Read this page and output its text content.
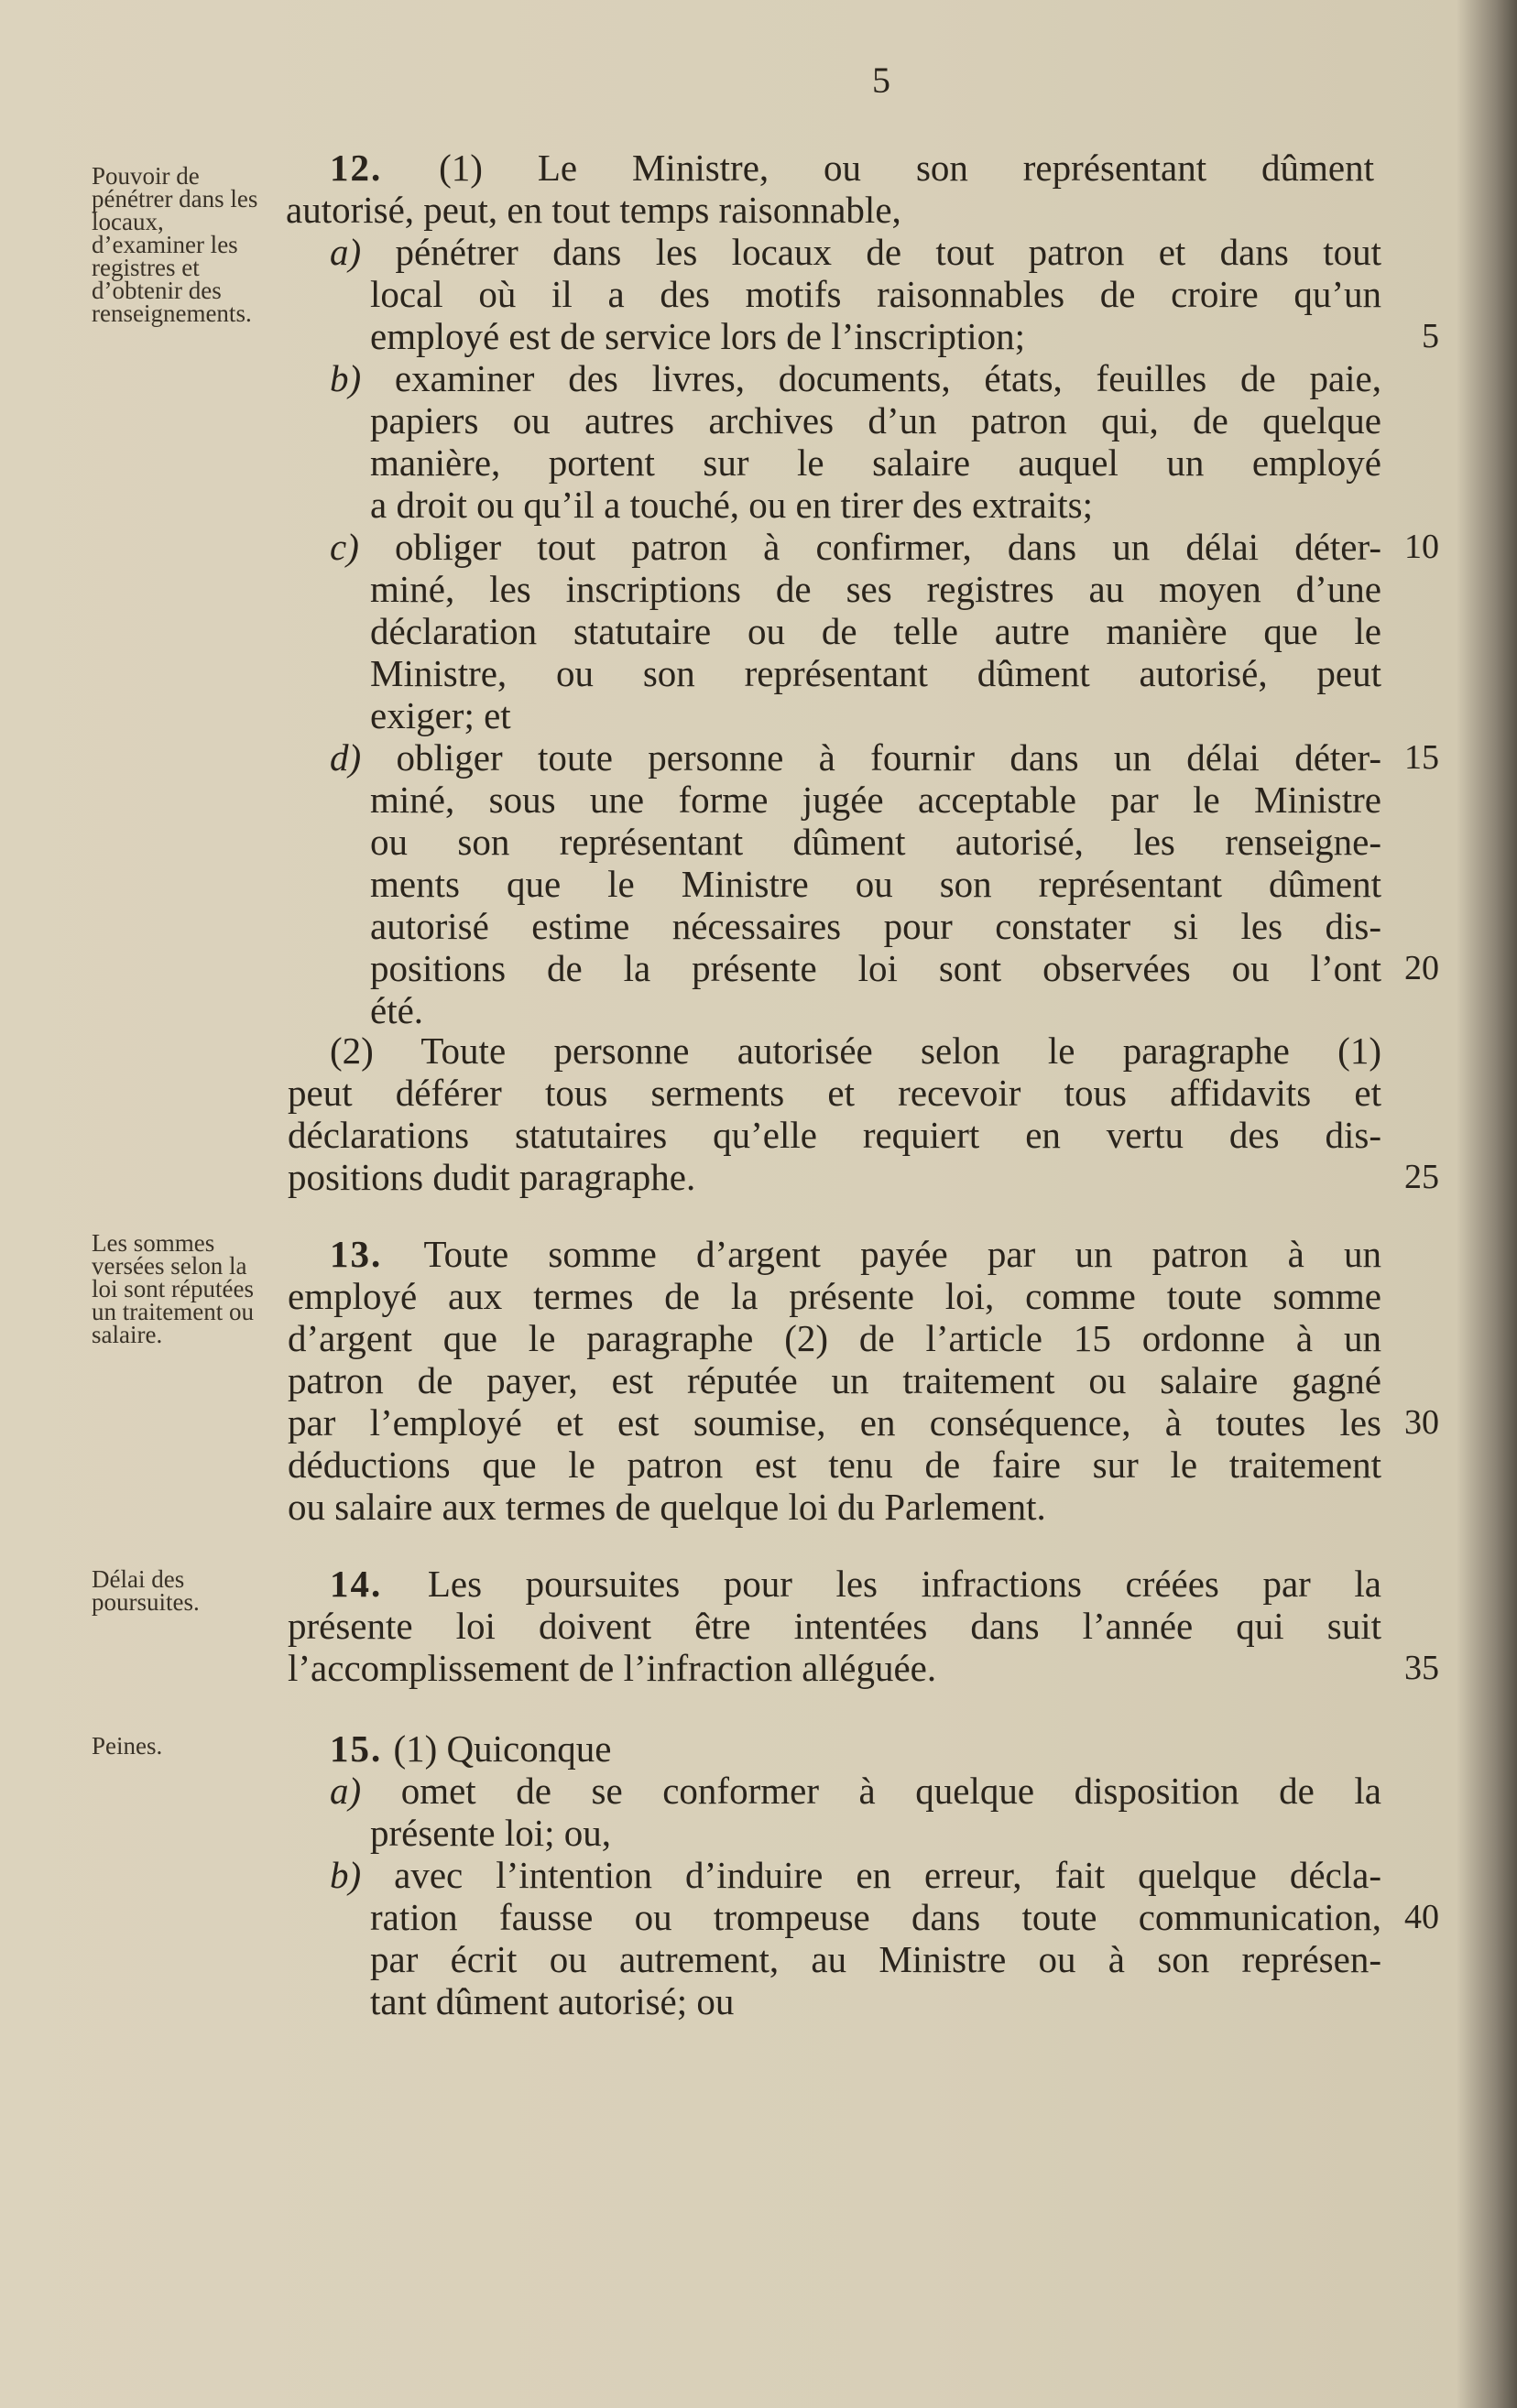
5
Pouvoir de pénétrer dans les locaux, d’examiner les registres et d’obtenir des renseignements.
Les sommes versées selon la loi sont réputées un traitement ou salaire.
Délai des poursuites.
Peines.
12. (1) Le Ministre, ou son représentant dûment
autorisé, peut, en tout temps raisonnable,
a) pénétrer dans les locaux de tout patron et dans tout
local où il a des motifs raisonnables de croire qu’un
employé est de service lors de l’inscription;
b) examiner des livres, documents, états, feuilles de paie,
papiers ou autres archives d’un patron qui, de quelque
manière, portent sur le salaire auquel un employé
a droit ou qu’il a touché, ou en tirer des extraits;
c) obliger tout patron à confirmer, dans un délai déter-
miné, les inscriptions de ses registres au moyen d’une
déclaration statutaire ou de telle autre manière que le
Ministre, ou son représentant dûment autorisé, peut
exiger; et
d) obliger toute personne à fournir dans un délai déter-
miné, sous une forme jugée acceptable par le Ministre
ou son représentant dûment autorisé, les renseigne-
ments que le Ministre ou son représentant dûment
autorisé estime nécessaires pour constater si les dis-
positions de la présente loi sont observées ou l’ont
été.
(2) Toute personne autorisée selon le paragraphe (1)
peut déférer tous serments et recevoir tous affidavits et
déclarations statutaires qu’elle requiert en vertu des dis-
positions dudit paragraphe.
13. Toute somme d’argent payée par un patron à un
employé aux termes de la présente loi, comme toute somme
d’argent que le paragraphe (2) de l’article 15 ordonne à un
patron de payer, est réputée un traitement ou salaire gagné
par l’employé et est soumise, en conséquence, à toutes les
déductions que le patron est tenu de faire sur le traitement
ou salaire aux termes de quelque loi du Parlement.
14. Les poursuites pour les infractions créées par la
présente loi doivent être intentées dans l’année qui suit
l’accomplissement de l’infraction alléguée.
15. (1) Quiconque
a) omet de se conformer à quelque disposition de la
présente loi; ou,
b) avec l’intention d’induire en erreur, fait quelque décla-
ration fausse ou trompeuse dans toute communication,
par écrit ou autrement, au Ministre ou à son représen-
tant dûment autorisé; ou
5
10
15
20
25
30
35
40
